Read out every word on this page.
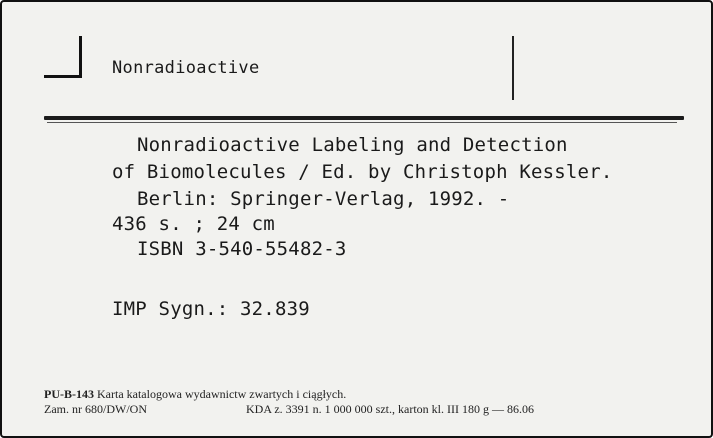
Nonradioactive
Nonradioactive Labeling and Detection
of Biomolecules / Ed. by Christoph Kessler.
Berlin: Springer-Verlag, 1992. -
436 s. ; 24 cm
ISBN 3-540-55482-3
IMP Sygn.: 32.839
PU-B-143 Karta katalogowa wydawnictw zwartych i ciągłych.
Zam. nr 680/DW/ON	KDA z. 3391 n. 1 000 000 szt., karton kl. III 180 g — 86.06
